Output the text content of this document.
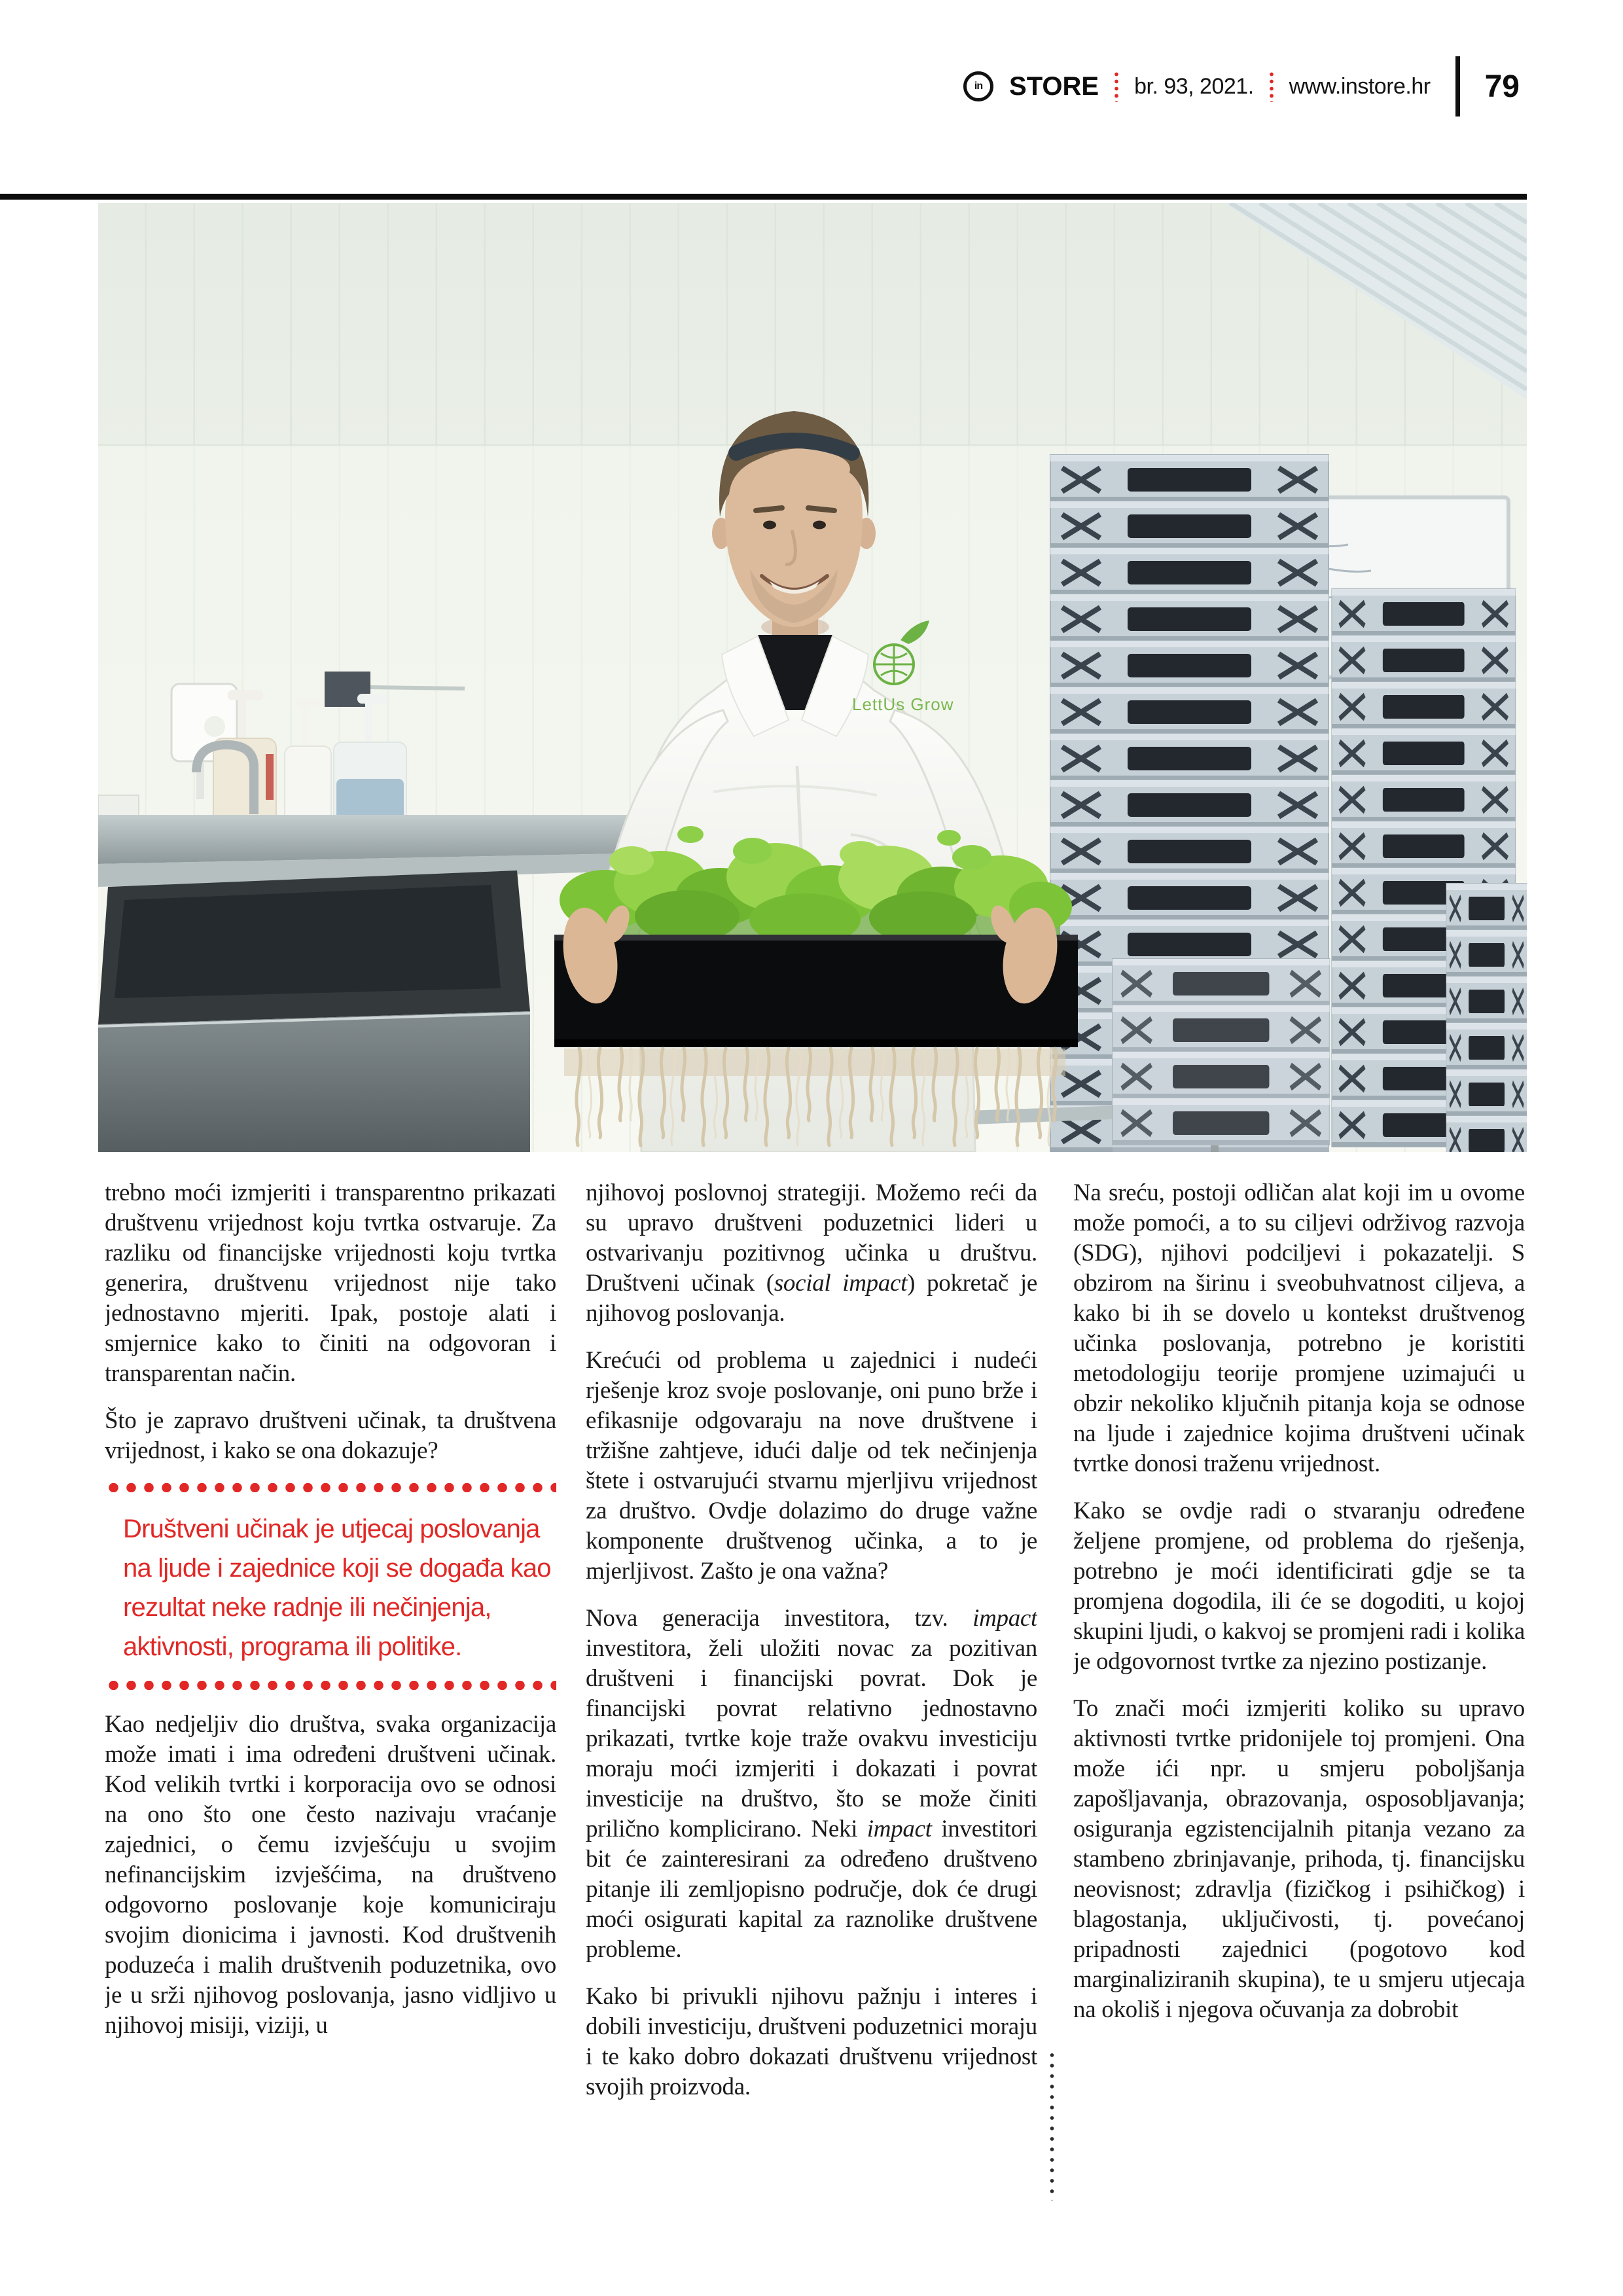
in	STORE br. 93, 2021. www.instore.hr 79
LettUs Grow

trebno moći izmjeriti i transparentno prikazati društvenu vrijednost koju tvrtka ostvaruje. Za razliku od financijske vrijednosti koju tvrtka generira, društvenu vrijednost nije tako jednostavno mjeriti. Ipak, postoje alati i smjernice kako to činiti na odgovoran i transparentan način.

Što je zapravo društveni učinak, ta društvena vrijednost, i kako se ona dokazuje?

Društveni učinak je utjecaj poslovanja na ljude i zajednice koji se događa kao rezultat neke radnje ili nečinjenja, aktivnosti, programa ili politike.

Kao nedjeljiv dio društva, svaka organizacija može imati i ima određeni društveni učinak. Kod velikih tvrtki i korporacija ovo se odnosi na ono što one često nazivaju vraćanje zajednici, o čemu izvješćuju u svojim nefinancijskim izvješćima, na društveno odgovorno poslovanje koje komuniciraju svojim dionicima i javnosti. Kod društvenih poduzeća i malih društvenih poduzetnika, ovo je u srži njihovog poslovanja, jasno vidljivo u njihovoj misiji, viziji, u

njihovoj poslovnoj strategiji. Možemo reći da su upravo društveni poduzetnici lideri u ostvarivanju pozitivnog učinka u društvu. Društveni učinak (social impact) pokretač je njihovog poslovanja.

Krećući od problema u zajednici i nudeći rješenje kroz svoje poslovanje, oni puno brže i efikasnije odgovaraju na nove društvene i tržišne zahtjeve, idući dalje od tek nečinjenja štete i ostvarujući stvarnu mjerljivu vrijednost za društvo. Ovdje dolazimo do druge važne komponente društvenog učinka, a to je mjerljivost. Zašto je ona važna?

Nova generacija investitora, tzv. impact investitora, želi uložiti novac za pozitivan društveni i financijski povrat. Dok je financijski povrat relativno jednostavno prikazati, tvrtke koje traže ovakvu investiciju moraju moći izmjeriti i dokazati i povrat investicije na društvo, što se može činiti prilično komplicirano. Neki impact investitori bit će zainteresirani za određeno društveno pitanje ili zemljopisno područje, dok će drugi moći osigurati kapital za raznolike društvene probleme.

Kako bi privukli njihovu pažnju i interes i dobili investiciju, društveni poduzetnici moraju i te kako dobro dokazati društvenu vrijednost svojih proizvoda.

Na sreću, postoji odličan alat koji im u ovome može pomoći, a to su ciljevi održivog razvoja (SDG), njihovi podciljevi i pokazatelji. S obzirom na širinu i sveobuhvatnost ciljeva, a kako bi ih se dovelo u kontekst društvenog učinka poslovanja, potrebno je koristiti metodologiju teorije promjene uzimajući u obzir nekoliko ključnih pitanja koja se odnose na ljude i zajednice kojima društveni učinak tvrtke donosi traženu vrijednost.

Kako se ovdje radi o stvaranju određene željene promjene, od problema do rješenja, potrebno je moći identificirati gdje se ta promjena dogodila, ili će se dogoditi, u kojoj skupini ljudi, o kakvoj se promjeni radi i kolika je odgovornost tvrtke za njezino postizanje.

To znači moći izmjeriti koliko su upravo aktivnosti tvrtke pridonijele toj promjeni. Ona može ići npr. u smjeru poboljšanja zapošljavanja, obrazovanja, osposobljavanja; osiguranja egzistencijalnih pitanja vezano za stambeno zbrinjavanje, prihoda, tj. financijsku neovisnost; zdravlja (fizičkog i psihičkog) i blagostanja, uključivosti, tj. povećanoj pripadnosti zajednici (pogotovo kod marginaliziranih skupina), te u smjeru utjecaja na okoliš i njegova očuvanja za dobrobit
